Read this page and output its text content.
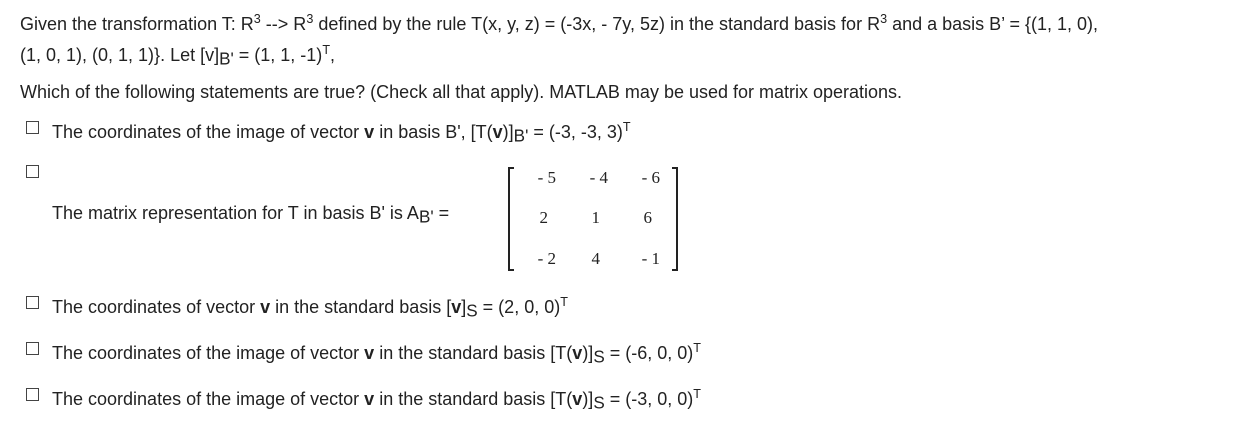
Given the transformation T: $R^3$ --> $R^3$ defined by the rule T(x, y, z) = (-3x, - 7y, 5z) in the standard basis for $R^3$ and a basis B’ = {(1, 1, 0),
(1, 0, 1), (0, 1, 1)}. Let $[v]_{B'} = (1$, 1, -1)$^T$,
Which of the following statements are true? (Check all that apply). MATLAB may be used for matrix operations.
The coordinates of the image of vector v in basis B', $[T(v)]_{B'} = (-3$, -3, 3)$^T$
The matrix representation for T in basis B' is $A_{B'}$ =
- 5	- 4	- 6
2	1	6
- 2	4	- 1
The coordinates of vector v in the standard basis $[v]_S = (2$, 0, 0)$^T$
The coordinates of the image of vector v in the standard basis $[T(v)]_S = (-6$, 0, 0)$^T$
The coordinates of the image of vector v in the standard basis $[T(v)]_S = (-3$, 0, 0)$^T$
